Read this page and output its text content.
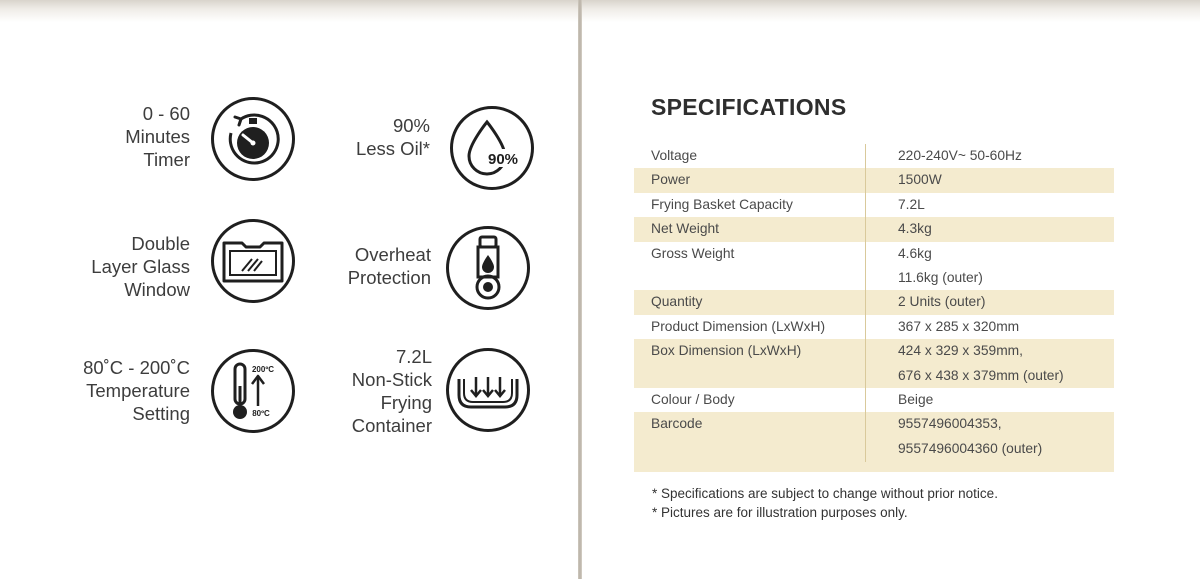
0 - 60
Minutes
Timer
90%
Less Oil*
90%
Double
Layer Glass
Window
Overheat
Protection
80˚C - 200˚C
Temperature
Setting
200ºC
80ºC
7.2L
Non-Stick
Frying
Container
SPECIFICATIONS
Voltage	220-240V~ 50-60Hz
Power	1500W
Frying Basket Capacity	7.2L
Net Weight	4.3kg
Gross Weight	4.6kg
11.6kg (outer)
Quantity	2 Units (outer)
Product Dimension (LxWxH)	367 x 285 x 320mm
Box Dimension (LxWxH)	424 x 329 x 359mm,
676 x 438 x 379mm (outer)
Colour / Body	Beige
Barcode	9557496004353,
9557496004360 (outer)
* Specifications are subject to change without prior notice.
* Pictures are for illustration purposes only.
